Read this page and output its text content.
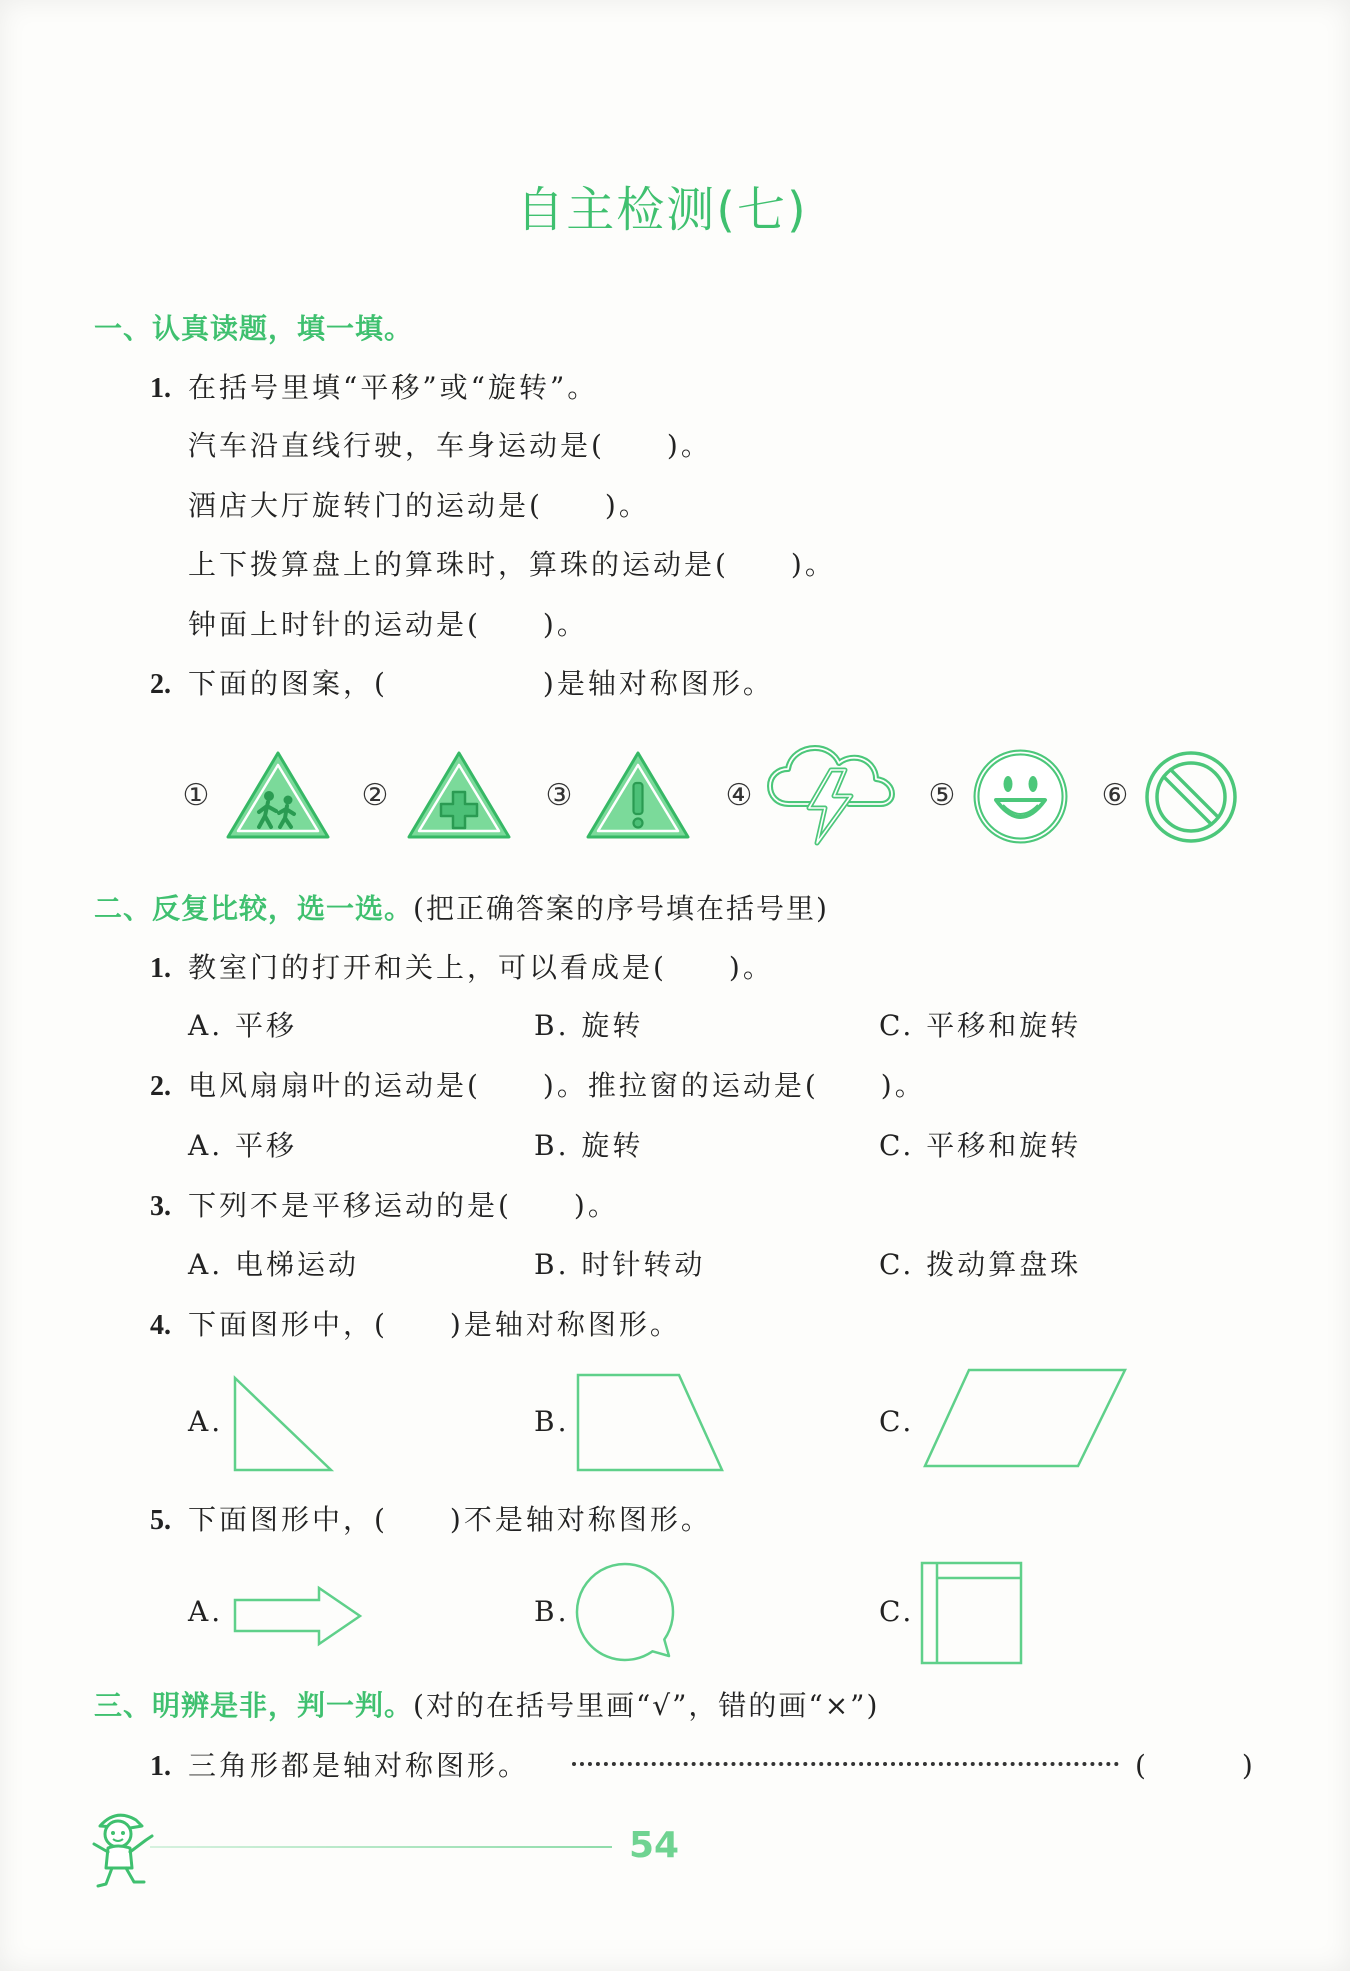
自主检测(七)
一、认真读题，填一填。
1. 在括号里填“平移”或“旋转”。
汽车沿直线行驶，车身运动是(　　)。
酒店大厅旋转门的运动是(　　)。
上下拨算盘上的算珠时，算珠的运动是(　　)。
钟面上时针的运动是(　　)。
2. 下面的图案，(　　　　　)是轴对称图形。
①	②	③	④	⑤	⑥
二、反复比较，选一选。(把正确答案的序号填在括号里)
1. 教室门的打开和关上，可以看成是(　　)。
A. 平移	B. 旋转	C. 平移和旋转
2. 电风扇扇叶的运动是(　　)。推拉窗的运动是(　　)。
A. 平移	B. 旋转	C. 平移和旋转
3. 下列不是平移运动的是(　　)。
A. 电梯运动	B. 时针转动	C. 拨动算盘珠
4. 下面图形中，(　　)是轴对称图形。
A.	B.	C.
5. 下面图形中，(　　)不是轴对称图形。
A.	B.	C.
三、明辨是非，判一判。(对的在括号里画“√”，错的画“×”)
1. 三角形都是轴对称图形。	(　　　)
54
